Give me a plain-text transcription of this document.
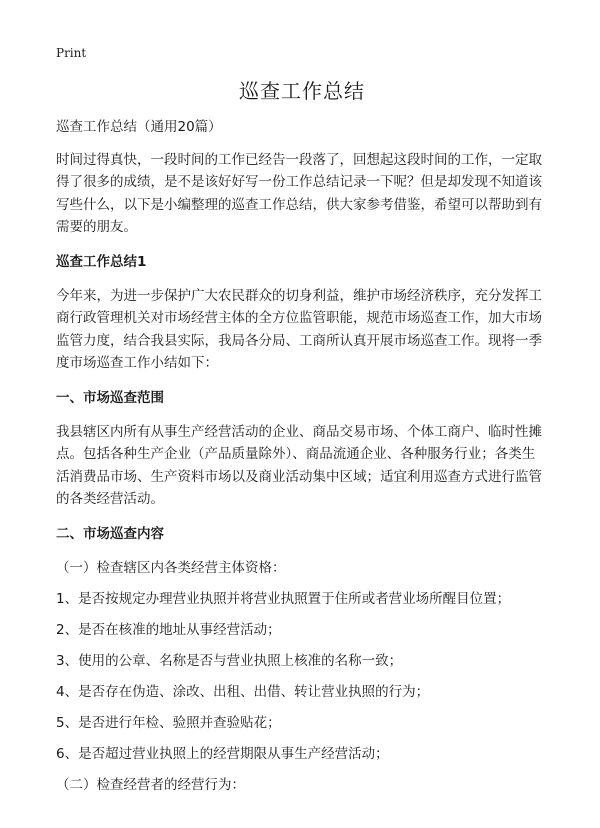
Print
巡查工作总结

巡查工作总结（通用20篇）

时间过得真快，一段时间的工作已经告一段落了，回想起这段时间的工作，一定取得了很多的成绩，是不是该好好写一份工作总结记录一下呢？但是却发现不知道该写些什么，以下是小编整理的巡查工作总结，供大家参考借鉴，希望可以帮助到有需要的朋友。

巡查工作总结1

今年来，为进一步保护广大农民群众的切身利益，维护市场经济秩序，充分发挥工商行政管理机关对市场经营主体的全方位监管职能，规范市场巡查工作，加大市场监管力度，结合我县实际，我局各分局、工商所认真开展市场巡查工作。现将一季度市场巡查工作小结如下：

一、市场巡查范围

我县辖区内所有从事生产经营活动的企业、商品交易市场、个体工商户、临时性摊点。包括各种生产企业（产品质量除外）、商品流通企业、各种服务行业；各类生活消费品市场、生产资料市场以及商业活动集中区域；适宜利用巡查方式进行监管的各类经营活动。

二、市场巡查内容
（一）检查辖区内各类经营主体资格：
1、是否按规定办理营业执照并将营业执照置于住所或者营业场所醒目位置；
2、是否在核准的地址从事经营活动；
3、使用的公章、名称是否与营业执照上核准的名称一致；
4、是否存在伪造、涂改、出租、出借、转让营业执照的行为；
5、是否进行年检、验照并查验贴花；
6、是否超过营业执照上的经营期限从事生产经营活动；
（二）检查经营者的经营行为：
